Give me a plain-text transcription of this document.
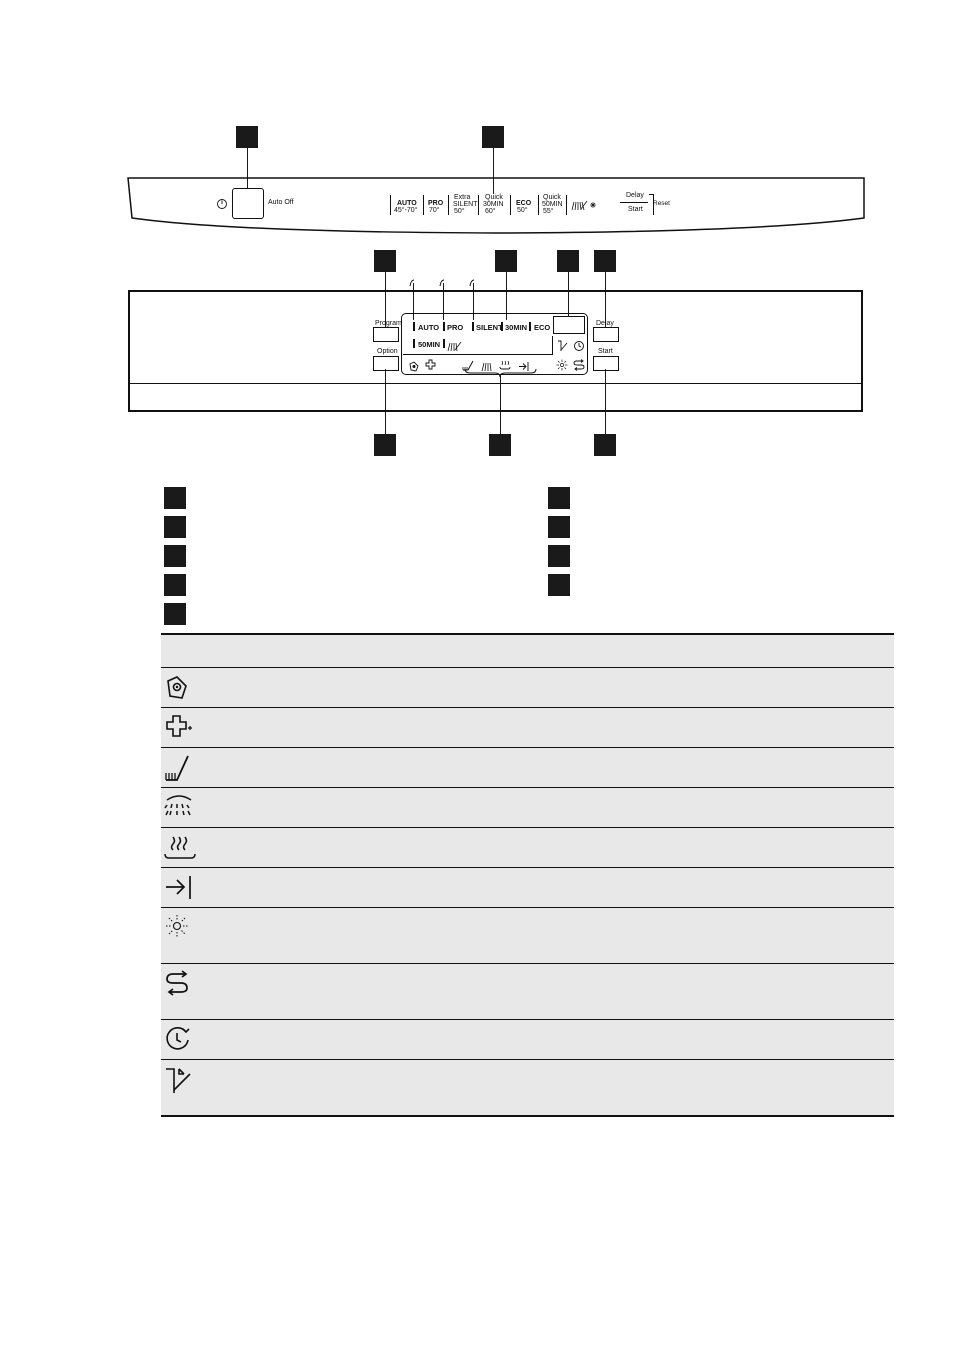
Auto Off	AUTO
45°-70°
PRO
70°
Extra
SILENT
50°
Quick
30MIN
60°
ECO
50°
Quick
50MIN
55°
Delay
Start
Reset
Program
Option
Delay
Start
AUTO PRO SILENT 30MIN ECO
50MIN
